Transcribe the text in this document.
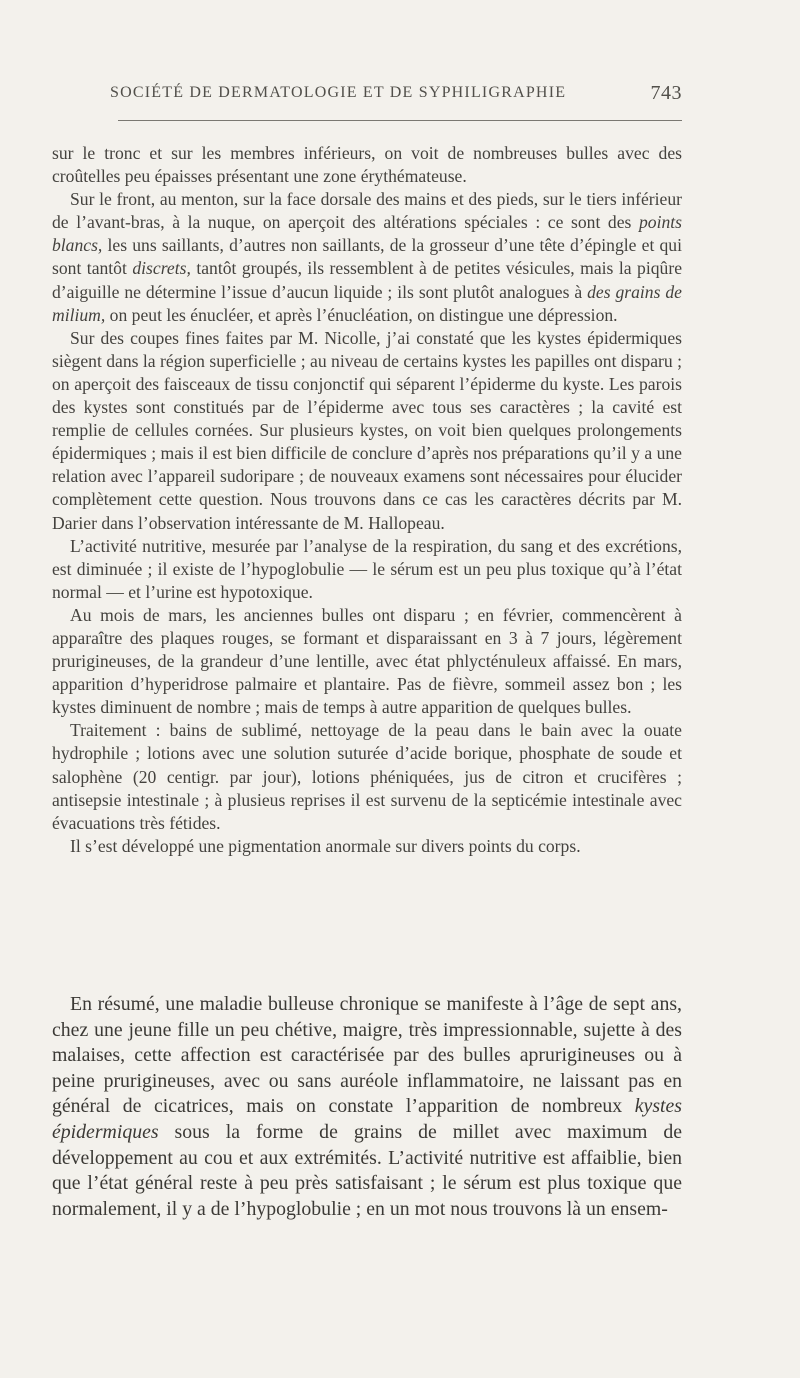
SOCIÉTÉ DE DERMATOLOGIE ET DE SYPHILIGRAPHIE	743

sur le tronc et sur les membres inférieurs, on voit de nombreuses bulles avec des croûtelles peu épaisses présentant une zone érythémateuse.

Sur le front, au menton, sur la face dorsale des mains et des pieds, sur le tiers inférieur de l’avant-bras, à la nuque, on aperçoit des altérations spéciales : ce sont des points blancs, les uns saillants, d’autres non saillants, de la grosseur d’une tête d’épingle et qui sont tantôt discrets, tantôt groupés, ils ressemblent à de petites vésicules, mais la piqûre d’aiguille ne détermine l’issue d’aucun liquide ; ils sont plutôt analogues à des grains de milium, on peut les énucléer, et après l’énucléation, on distingue une dépression.

Sur des coupes fines faites par M. Nicolle, j’ai constaté que les kystes épidermiques siègent dans la région superficielle ; au niveau de certains kystes les papilles ont disparu ; on aperçoit des faisceaux de tissu conjonctif qui séparent l’épiderme du kyste. Les parois des kystes sont constitués par de l’épiderme avec tous ses caractères ; la cavité est remplie de cellules cornées. Sur plusieurs kystes, on voit bien quelques prolongements épidermiques ; mais il est bien difficile de conclure d’après nos préparations qu’il y a une relation avec l’appareil sudoripare ; de nouveaux examens sont nécessaires pour élucider complètement cette question. Nous trouvons dans ce cas les caractères décrits par M. Darier dans l’observation intéressante de M. Hallopeau.

L’activité nutritive, mesurée par l’analyse de la respiration, du sang et des excrétions, est diminuée ; il existe de l’hypoglobulie — le sérum est un peu plus toxique qu’à l’état normal — et l’urine est hypotoxique.

Au mois de mars, les anciennes bulles ont disparu ; en février, commencèrent à apparaître des plaques rouges, se formant et disparaissant en 3 à 7 jours, légèrement prurigineuses, de la grandeur d’une lentille, avec état phlycténuleux affaissé. En mars, apparition d’hyperidrose palmaire et plantaire. Pas de fièvre, sommeil assez bon ; les kystes diminuent de nombre ; mais de temps à autre apparition de quelques bulles.

Traitement : bains de sublimé, nettoyage de la peau dans le bain avec la ouate hydrophile ; lotions avec une solution suturée d’acide borique, phosphate de soude et salophène (20 centigr. par jour), lotions phéniquées, jus de citron et crucifères ; antisepsie intestinale ; à plusieus reprises il est survenu de la septicémie intestinale avec évacuations très fétides.

Il s’est développé une pigmentation anormale sur divers points du corps.

En résumé, une maladie bulleuse chronique se manifeste à l’âge de sept ans, chez une jeune fille un peu chétive, maigre, très impressionnable, sujette à des malaises, cette affection est caractérisée par des bulles aprurigineuses ou à peine prurigineuses, avec ou sans auréole inflammatoire, ne laissant pas en général de cicatrices, mais on constate l’apparition de nombreux kystes épidermiques sous la forme de grains de millet avec maximum de développement au cou et aux extrémités. L’activité nutritive est affaiblie, bien que l’état général reste à peu près satisfaisant ; le sérum est plus toxique que normalement, il y a de l’hypoglobulie ; en un mot nous trouvons là un ensem-
